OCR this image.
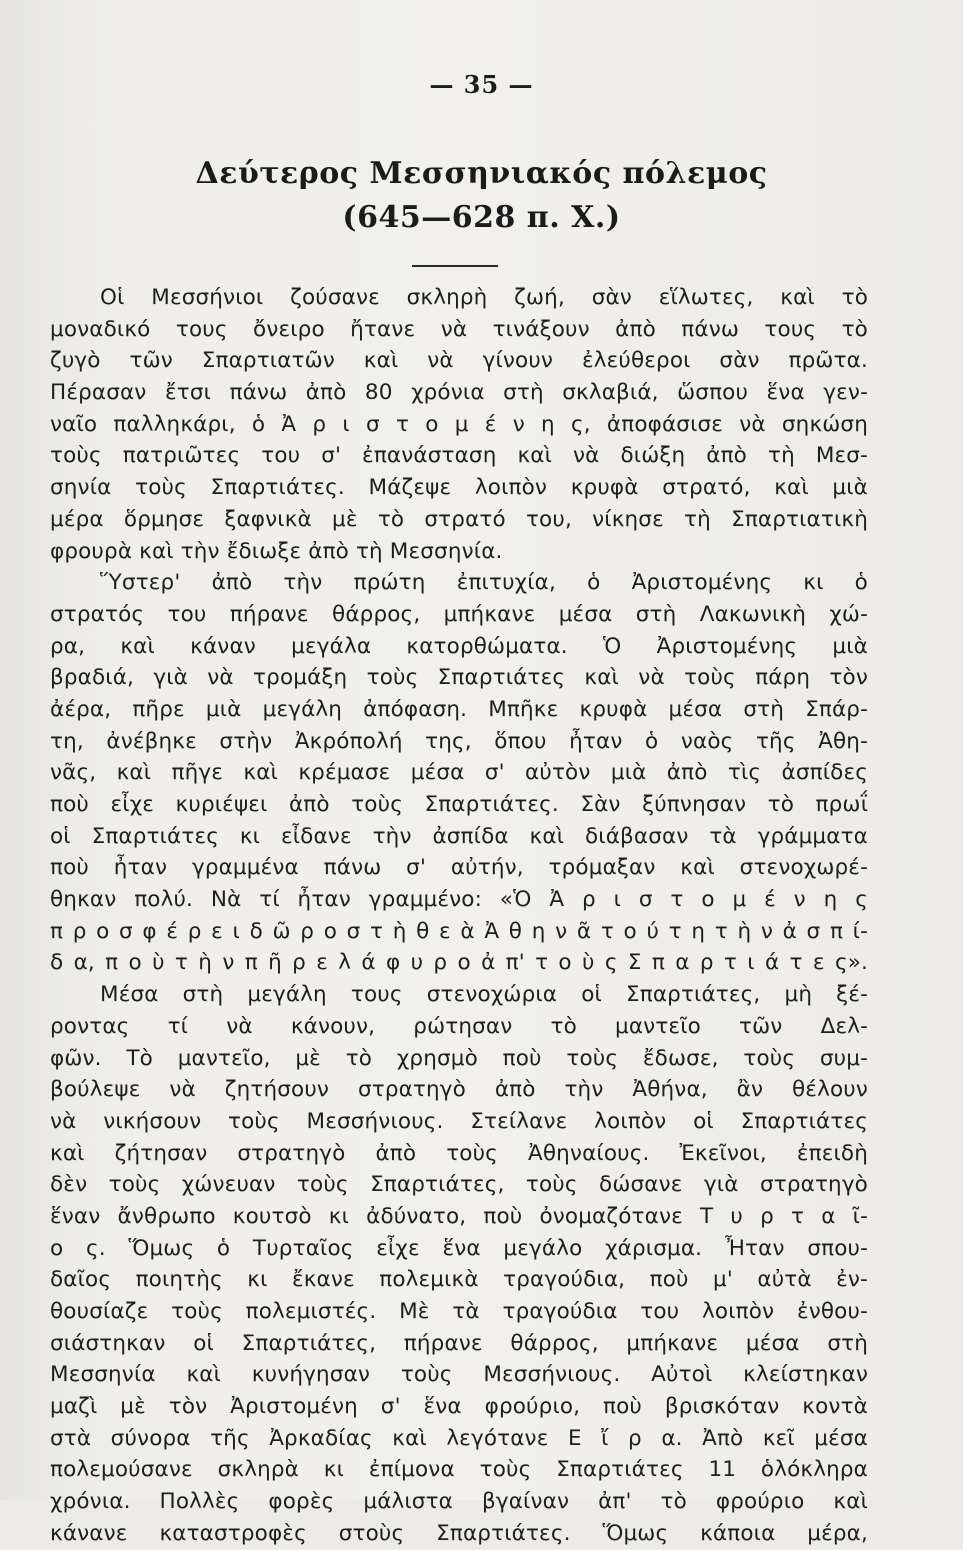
— 35 —
Δεύτερος Μεσσηνιακός πόλεμος
(645—628 π. Χ.)
Οἱ Μεσσήνιοι ζούσανε σκληρὴ ζωή, σὰν εἵλωτες, καὶ τὸ
μοναδικό τους ὄνειρο ἤτανε νὰ τινάξουν ἀπὸ πάνω τους τὸ
ζυγὸ τῶν Σπαρτιατῶν καὶ νὰ γίνουν ἐλεύθεροι σὰν πρῶτα.
Πέρασαν ἔτσι πάνω ἀπὸ 80 χρόνια στὴ σκλαβιά, ὥσπου ἕνα γεν-
ναῖο παλληκάρι, ὁ Ἀ ρ ι σ τ ο μ έ ν η ς, ἀποφάσισε νὰ σηκώση
τοὺς πατριῶτες του σ' ἐπανάσταση καὶ νὰ διώξη ἀπὸ τὴ Μεσ-
σηνία τοὺς Σπαρτιάτες. Μάζεψε λοιπὸν κρυφὰ στρατό, καὶ μιὰ
μέρα ὅρμησε ξαφνικὰ μὲ τὸ στρατό του, νίκησε τὴ Σπαρτιατικὴ
φρουρὰ καὶ τὴν ἔδιωξε ἀπὸ τὴ Μεσσηνία.
Ὕστερ' ἀπὸ τὴν πρώτη ἐπιτυχία, ὁ Ἀριστομένης κι ὁ
στρατός του πήρανε θάρρος, μπήκανε μέσα στὴ Λακωνικὴ χώ-
ρα, καὶ κάναν μεγάλα κατορθώματα. Ὁ Ἀριστομένης μιὰ
βραδιά, γιὰ νὰ τρομάξη τοὺς Σπαρτιάτες καὶ νὰ τοὺς πάρη τὸν
ἀέρα, πῆρε μιὰ μεγάλη ἀπόφαση. Μπῆκε κρυφὰ μέσα στὴ Σπάρ-
τη, ἀνέβηκε στὴν Ἀκρόπολή της, ὅπου ἦταν ὁ ναὸς τῆς Ἀθη-
νᾶς, καὶ πῆγε καὶ κρέμασε μέσα σ' αὐτὸν μιὰ ἀπὸ τὶς ἀσπίδες
ποὺ εἶχε κυριέψει ἀπὸ τοὺς Σπαρτιάτες. Σὰν ξύπνησαν τὸ πρωΐ
οἱ Σπαρτιάτες κι εἶδανε τὴν ἀσπίδα καὶ διάβασαν τὰ γράμματα
ποὺ ἦταν γραμμένα πάνω σ' αὐτήν, τρόμαξαν καὶ στενοχωρέ-
θηκαν πολύ. Νὰ τί ἦταν γραμμένο: «Ὁ Ἀ ρ ι σ τ ο μ έ ν η ς
π ρ ο σ φ έ ρ ε ι δ ῶ ρ ο σ τ ὴ θ ε ὰ Ἀ θ η ν ᾶ τ ο ύ τ η τ ὴ ν ἀ σ π ί-
δ α, π ο ὺ τ ὴ ν π ῆ ρ ε λ ά φ υ ρ ο ἀ π' τ ο ὺ ς Σ π α ρ τ ι ά τ ε ς».
Μέσα στὴ μεγάλη τους στενοχώρια οἱ Σπαρτιάτες, μὴ ξέ-
ροντας τί νὰ κάνουν, ρώτησαν τὸ μαντεῖο τῶν Δελ-
φῶν. Τὸ μαντεῖο, μὲ τὸ χρησμὸ ποὺ τοὺς ἔδωσε, τοὺς συμ-
βούλεψε νὰ ζητήσουν στρατηγὸ ἀπὸ τὴν Ἀθήνα, ἂν θέλουν
νὰ νικήσουν τοὺς Μεσσήνιους. Στείλανε λοιπὸν οἱ Σπαρτιάτες
καὶ ζήτησαν στρατηγὸ ἀπὸ τοὺς Ἀθηναίους. Ἐκεῖνοι, ἐπειδὴ
δὲν τοὺς χώνευαν τοὺς Σπαρτιάτες, τοὺς δώσανε γιὰ στρατηγὸ
ἕναν ἄνθρωπο κουτσὸ κι ἀδύνατο, ποὺ ὀνομαζότανε Τ υ ρ τ α ῖ-
ο ς. Ὅμως ὁ Τυρταῖος εἶχε ἕνα μεγάλο χάρισμα. Ἦταν σπου-
δαῖος ποιητὴς κι ἔκανε πολεμικὰ τραγούδια, ποὺ μ' αὐτὰ ἐν-
θουσίαζε τοὺς πολεμιστές. Μὲ τὰ τραγούδια του λοιπὸν ἐνθου-
σιάστηκαν οἱ Σπαρτιάτες, πήρανε θάρρος, μπήκανε μέσα στὴ
Μεσσηνία καὶ κυνήγησαν τοὺς Μεσσήνιους. Αὐτοὶ κλείστηκαν
μαζὶ μὲ τὸν Ἀριστομένη σ' ἕνα φρούριο, ποὺ βρισκόταν κοντὰ
στὰ σύνορα τῆς Ἀρκαδίας καὶ λεγότανε Ε ἴ ρ α. Ἀπὸ κεῖ μέσα
πολεμούσανε σκληρὰ κι ἐπίμονα τοὺς Σπαρτιάτες 11 ὁλόκληρα
χρόνια. Πολλὲς φορὲς μάλιστα βγαίναν ἀπ' τὸ φρούριο καὶ
κάνανε καταστροφὲς στοὺς Σπαρτιάτες. Ὅμως κάποια μέρα,
